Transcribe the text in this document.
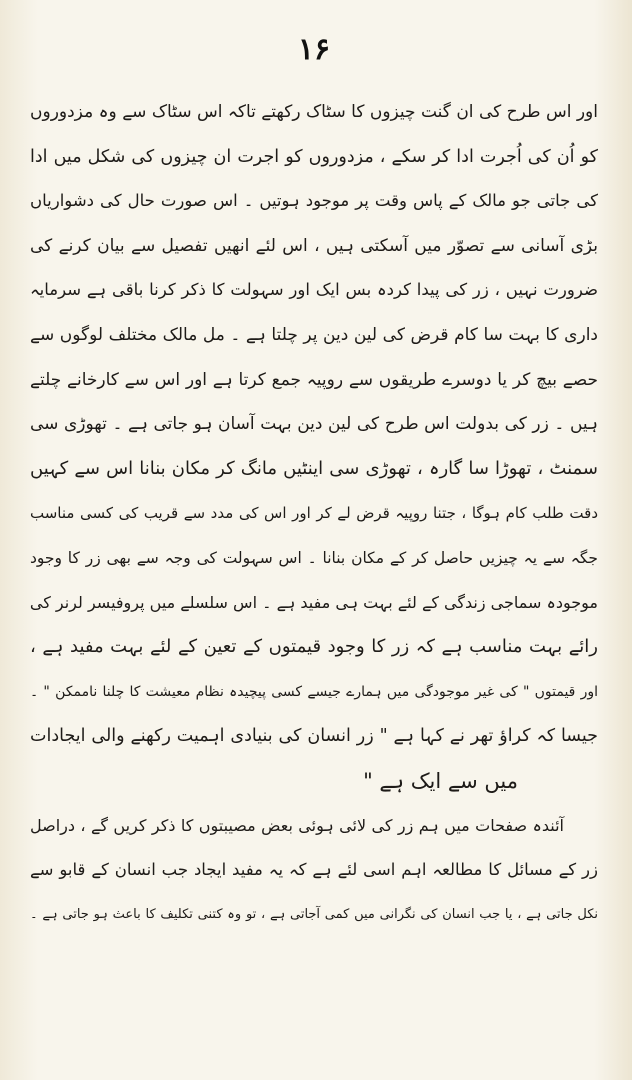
۱۶
اور اس طرح کی ان گنت چیزوں کا سٹاک رکھتے تاکہ اس سٹاک سے وہ مزدوروں
کو اُن کی اُجرت ادا کر سکے ، مزدوروں کو اجرت ان چیزوں کی شکل میں ادا
کی جاتی جو مالک کے پاس وقت پر موجود ہوتیں ۔ اس صورت حال کی دشواریاں
بڑی آسانی سے تصوّر میں آسکتی ہیں ، اس لئے انھیں تفصیل سے بیان کرنے کی
ضرورت نہیں ، زر کی پیدا کردہ بس ایک اور سہولت کا ذکر کرنا باقی ہے سرمایہ
داری کا بہت سا کام قرض کی لین دین پر چلتا ہے ۔ مل مالک مختلف لوگوں سے
حصے بیچ کر یا دوسرے طریقوں سے روپیہ جمع کرتا ہے اور اس سے کارخانے چلتے
ہیں ۔ زر کی بدولت اس طرح کی لین دین بہت آسان ہو جاتی ہے ۔ تھوڑی سی
سمنٹ ، تھوڑا سا گارہ ، تھوڑی سی اینٹیں مانگ کر مکان بنانا اس سے کہیں
دقت طلب کام ہوگا ، جتنا روپیہ قرض لے کر اور اس کی مدد سے قریب کی کسی مناسب
جگہ سے یہ چیزیں حاصل کر کے مکان بنانا ۔ اس سہولت کی وجہ سے بھی زر کا وجود
موجودہ سماجی زندگی کے لئے بہت ہی مفید ہے ۔ اس سلسلے میں پروفیسر لرنر کی
رائے بہت مناسب ہے کہ زر کا وجود قیمتوں کے تعین کے لئے بہت مفید ہے ،
اور قیمتوں " کی غیر موجودگی میں ہمارے جیسے کسی پیچیدہ نظام معیشت کا چلنا ناممکن " ۔
جیسا کہ کراؤ تھر نے کہا ہے " زر انسان کی بنیادی اہمیت رکھنے والی ایجادات
میں سے ایک ہے "
آئندہ صفحات میں ہم زر کی لائی ہوئی بعض مصیبتوں کا ذکر کریں گے ، دراصل
زر کے مسائل کا مطالعہ اہم اسی لئے ہے کہ یہ مفید ایجاد جب انسان کے قابو سے
نکل جاتی ہے ، یا جب انسان کی نگرانی میں کمی آجاتی ہے ، تو وہ کتنی تکلیف کا باعث ہو جاتی ہے ۔
